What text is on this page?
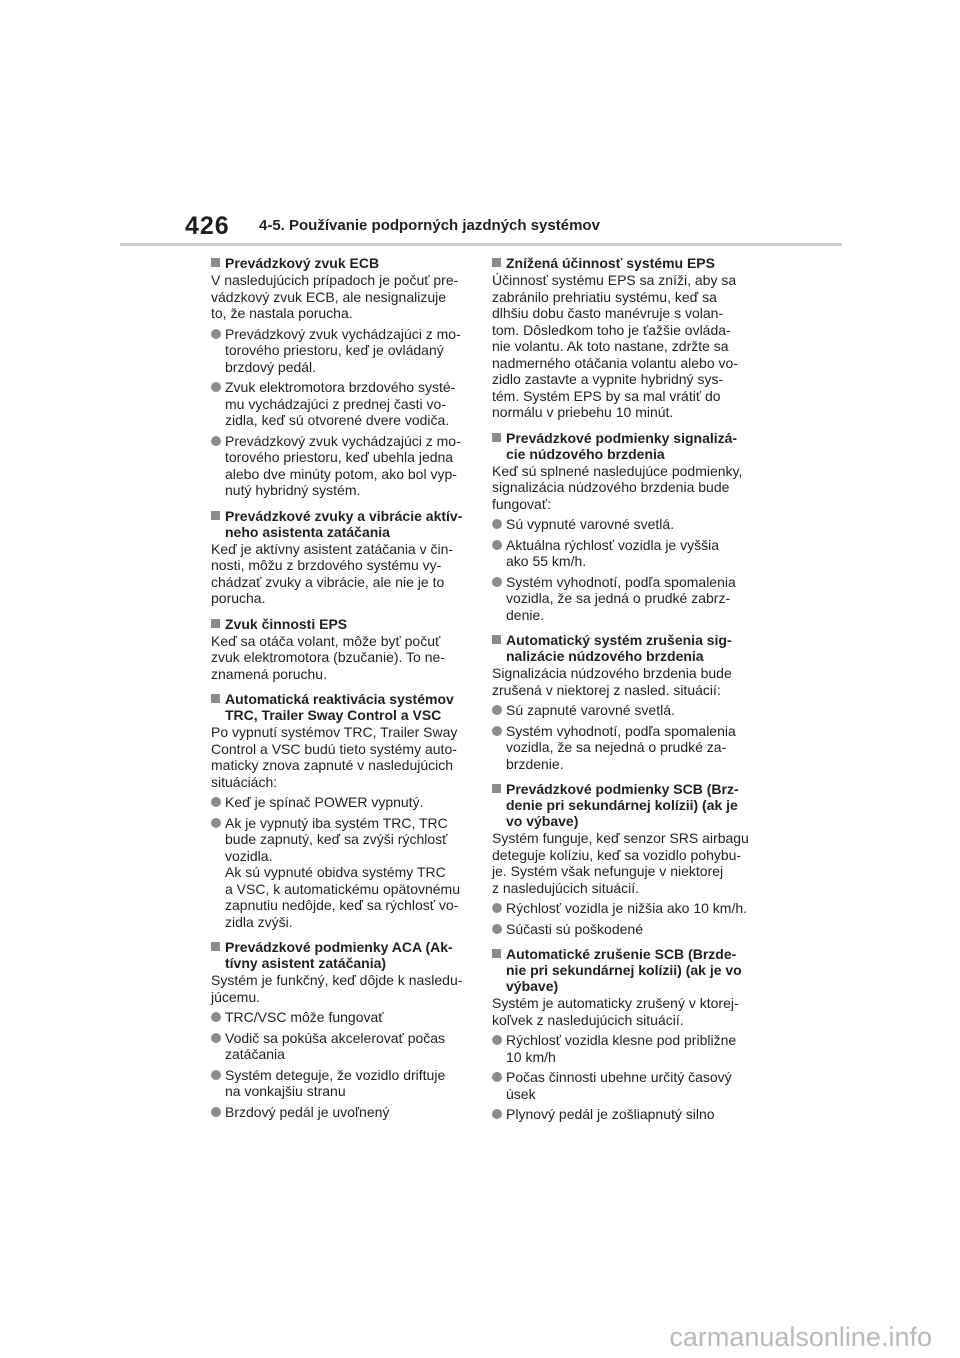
426 4-5. Používanie podporných jazdných systémov
Prevádzkový zvuk ECB
V nasledujúcich prípadoch je počuť pre-
vádzkový zvuk ECB, ale nesignalizuje
to, že nastala porucha.
Prevádzkový zvuk vychádzajúci z mo-
torového priestoru, keď je ovládaný
brzdový pedál.
Zvuk elektromotora brzdového systé-
mu vychádzajúci z prednej časti vo-
zidla, keď sú otvorené dvere vodiča.
Prevádzkový zvuk vychádzajúci z mo-
torového priestoru, keď ubehla jedna
alebo dve minúty potom, ako bol vyp-
nutý hybridný systém.
Prevádzkové zvuky a vibrácie aktív-
neho asistenta zatáčania
Keď je aktívny asistent zatáčania v čin-
nosti, môžu z brzdového systému vy-
chádzať zvuky a vibrácie, ale nie je to
porucha.
Zvuk činnosti EPS
Keď sa otáča volant, môže byť počuť
zvuk elektromotora (bzučanie). To ne-
znamená poruchu.
Automatická reaktivácia systémov
TRC, Trailer Sway Control a VSC
Po vypnutí systémov TRC, Trailer Sway
Control a VSC budú tieto systémy auto-
maticky znova zapnuté v nasledujúcich
situáciách:
Keď je spínač POWER vypnutý.
Ak je vypnutý iba systém TRC, TRC
bude zapnutý, keď sa zvýši rýchlosť
vozidla.
Ak sú vypnuté obidva systémy TRC
a VSC, k automatickému opätovnému
zapnutiu nedôjde, keď sa rýchlosť vo-
zidla zvýši.
Prevádzkové podmienky ACA (Ak-
tívny asistent zatáčania)
Systém je funkčný, keď dôjde k nasledu-
júcemu.
TRC/VSC môže fungovať
Vodič sa pokúša akcelerovať počas
zatáčania
Systém deteguje, že vozidlo driftuje
na vonkajšiu stranu
Brzdový pedál je uvoľnený
Znížená účinnosť systému EPS
Účinnosť systému EPS sa zníži, aby sa
zabránilo prehriatiu systému, keď sa
dlhšiu dobu často manévruje s volan-
tom. Dôsledkom toho je ťažšie ovláda-
nie volantu. Ak toto nastane, zdržte sa
nadmerného otáčania volantu alebo vo-
zidlo zastavte a vypnite hybridný sys-
tém. Systém EPS by sa mal vrátiť do
normálu v priebehu 10 minút.
Prevádzkové podmienky signalizá-
cie núdzového brzdenia
Keď sú splnené nasledujúce podmienky,
signalizácia núdzového brzdenia bude
fungovať:
Sú vypnuté varovné svetlá.
Aktuálna rýchlosť vozidla je vyššia
ako 55 km/h.
Systém vyhodnotí, podľa spomalenia
vozidla, že sa jedná o prudké zabrz-
denie.
Automatický systém zrušenia sig-
nalizácie núdzového brzdenia
Signalizácia núdzového brzdenia bude
zrušená v niektorej z nasled. situácií:
Sú zapnuté varovné svetlá.
Systém vyhodnotí, podľa spomalenia
vozidla, že sa nejedná o prudké za-
brzdenie.
Prevádzkové podmienky SCB (Brz-
denie pri sekundárnej kolízii) (ak je
vo výbave)
Systém funguje, keď senzor SRS airbagu
deteguje kolíziu, keď sa vozidlo pohybu-
je. Systém však nefunguje v niektorej
z nasledujúcich situácií.
Rýchlosť vozidla je nižšia ako 10 km/h.
Súčasti sú poškodené
Automatické zrušenie SCB (Brzde-
nie pri sekundárnej kolízii) (ak je vo
výbave)
Systém je automaticky zrušený v ktorej-
koľvek z nasledujúcich situácií.
Rýchlosť vozidla klesne pod približne
10 km/h
Počas činnosti ubehne určitý časový
úsek
Plynový pedál je zošliapnutý silno
carmanualsonline.info
